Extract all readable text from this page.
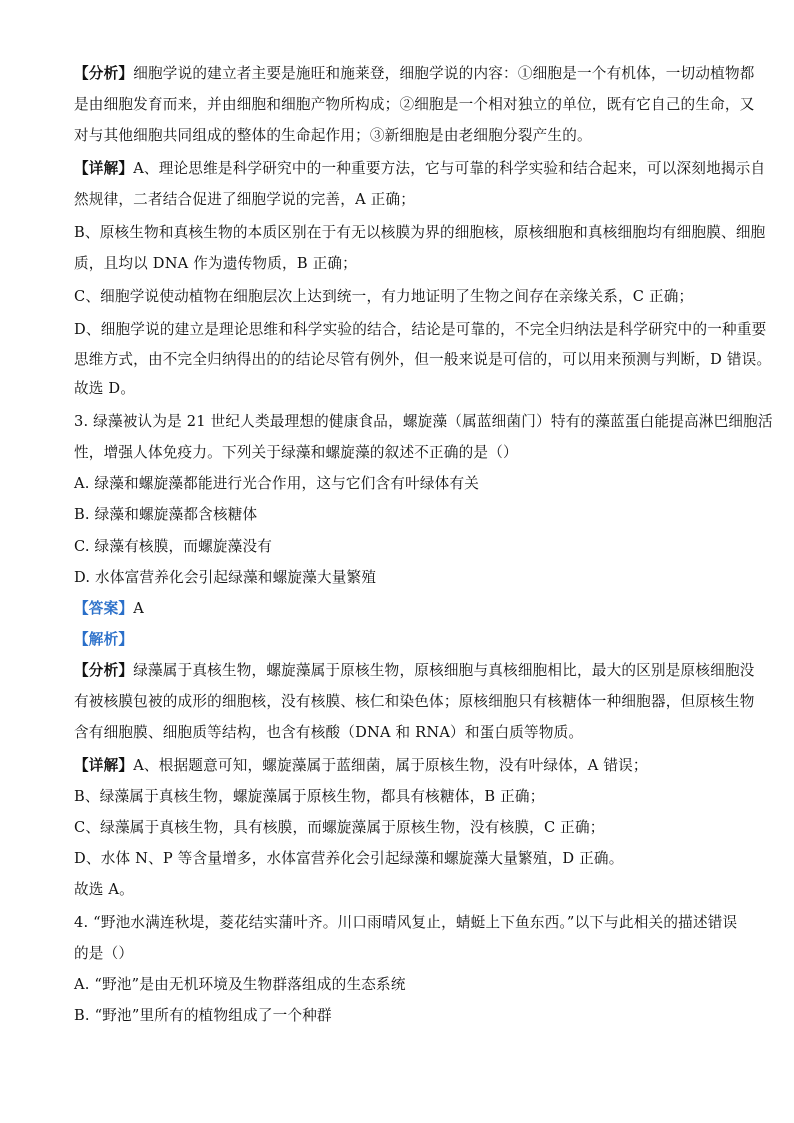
【分析】细胞学说的建立者主要是施旺和施莱登，细胞学说的内容：①细胞是一个有机体，一切动植物都
是由细胞发育而来，并由细胞和细胞产物所构成；②细胞是一个相对独立的单位，既有它自己的生命，又
对与其他细胞共同组成的整体的生命起作用；③新细胞是由老细胞分裂产生的。
【详解】A、理论思维是科学研究中的一种重要方法，它与可靠的科学实验和结合起来，可以深刻地揭示自
然规律，二者结合促进了细胞学说的完善，A 正确；
B、原核生物和真核生物的本质区别在于有无以核膜为界的细胞核，原核细胞和真核细胞均有细胞膜、细胞
质，且均以 DNA 作为遗传物质，B 正确；
C、细胞学说使动植物在细胞层次上达到统一，有力地证明了生物之间存在亲缘关系，C 正确；
D、细胞学说的建立是理论思维和科学实验的结合，结论是可靠的，不完全归纳法是科学研究中的一种重要
思维方式，由不完全归纳得出的的结论尽管有例外，但一般来说是可信的，可以用来预测与判断，D 错误。
故选 D。
3. 绿藻被认为是 21 世纪人类最理想的健康食品，螺旋藻（属蓝细菌门）特有的藻蓝蛋白能提高淋巴细胞活
性，增强人体免疫力。下列关于绿藻和螺旋藻的叙述不正确的是（）
A. 绿藻和螺旋藻都能进行光合作用，这与它们含有叶绿体有关
B. 绿藻和螺旋藻都含核糖体
C. 绿藻有核膜，而螺旋藻没有
D. 水体富营养化会引起绿藻和螺旋藻大量繁殖
【答案】A
【解析】
【分析】绿藻属于真核生物，螺旋藻属于原核生物，原核细胞与真核细胞相比，最大的区别是原核细胞没
有被核膜包被的成形的细胞核，没有核膜、核仁和染色体；原核细胞只有核糖体一种细胞器，但原核生物
含有细胞膜、细胞质等结构，也含有核酸（DNA 和 RNA）和蛋白质等物质。
【详解】A、根据题意可知，螺旋藻属于蓝细菌，属于原核生物，没有叶绿体，A 错误；
B、绿藻属于真核生物，螺旋藻属于原核生物，都具有核糖体，B 正确；
C、绿藻属于真核生物，具有核膜，而螺旋藻属于原核生物，没有核膜，C 正确；
D、水体 N、P 等含量增多，水体富营养化会引起绿藻和螺旋藻大量繁殖，D 正确。
故选 A。
4. “野池水满连秋堤，菱花结实蒲叶齐。川口雨晴风复止，蜻蜓上下鱼东西。”以下与此相关的描述错误
的是（）
A. “野池”是由无机环境及生物群落组成的生态系统
B. “野池”里所有的植物组成了一个种群
